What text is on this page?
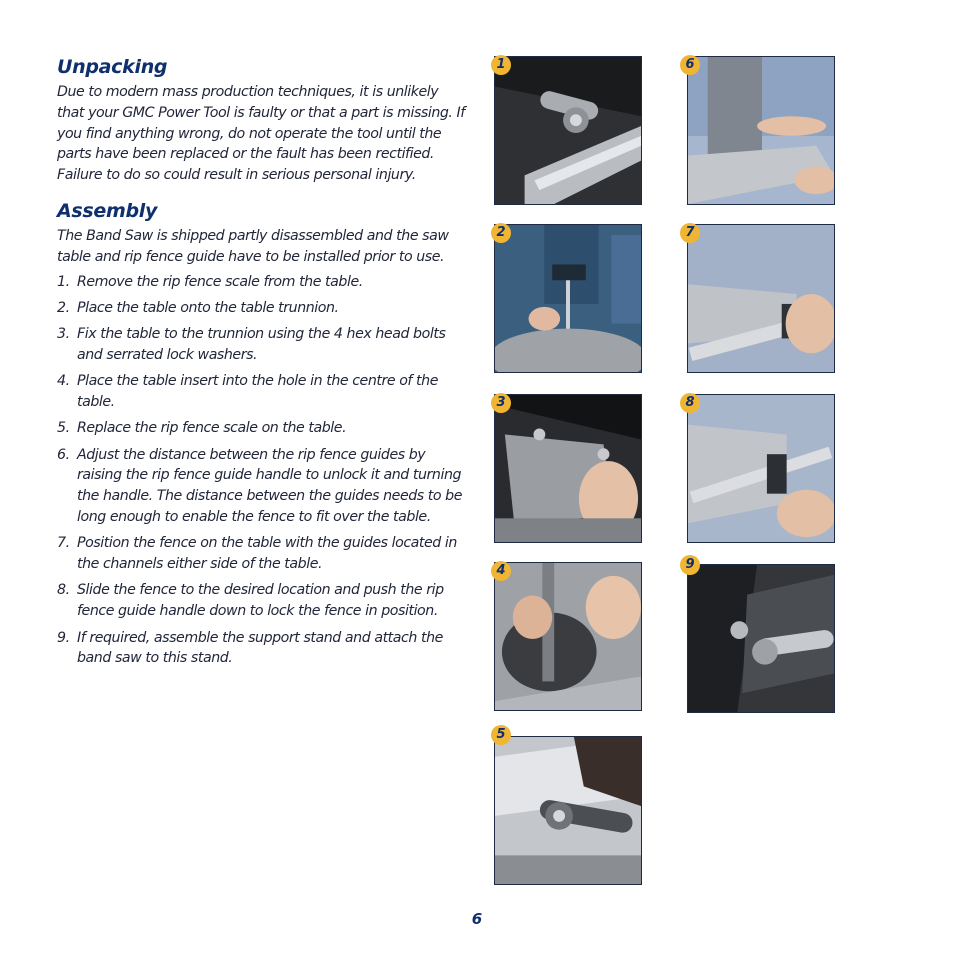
Unpacking

Due to modern mass production techniques, it is unlikely that your GMC Power Tool is faulty or that a part is missing. If you find anything wrong, do not operate the tool until the parts have been replaced or the fault has been rectified. Failure to do so could result in serious personal injury.

Assembly

The Band Saw is shipped partly disassembled and the saw table and rip fence guide have to be installed prior to use.

1. Remove the rip fence scale from the table.
2. Place the table onto the table trunnion.
3. Fix the table to the trunnion using the 4 hex head bolts and serrated lock washers.
4. Place the table insert into the hole in the centre of the table.
5. Replace the rip fence scale on the table.
6. Adjust the distance between the rip fence guides by raising the rip fence guide handle to unlock it and turning the handle. The distance between the guides needs to be long enough to enable the fence to fit over the table.
7. Position the fence on the table with the guides located in the channels either side of the table.
8. Slide the fence to the desired location and push the rip fence guide handle down to lock the fence in position.
9. If required, assemble the support stand and attach the band saw to this stand.
1
2
3
4
5
6
7
8
9
6
